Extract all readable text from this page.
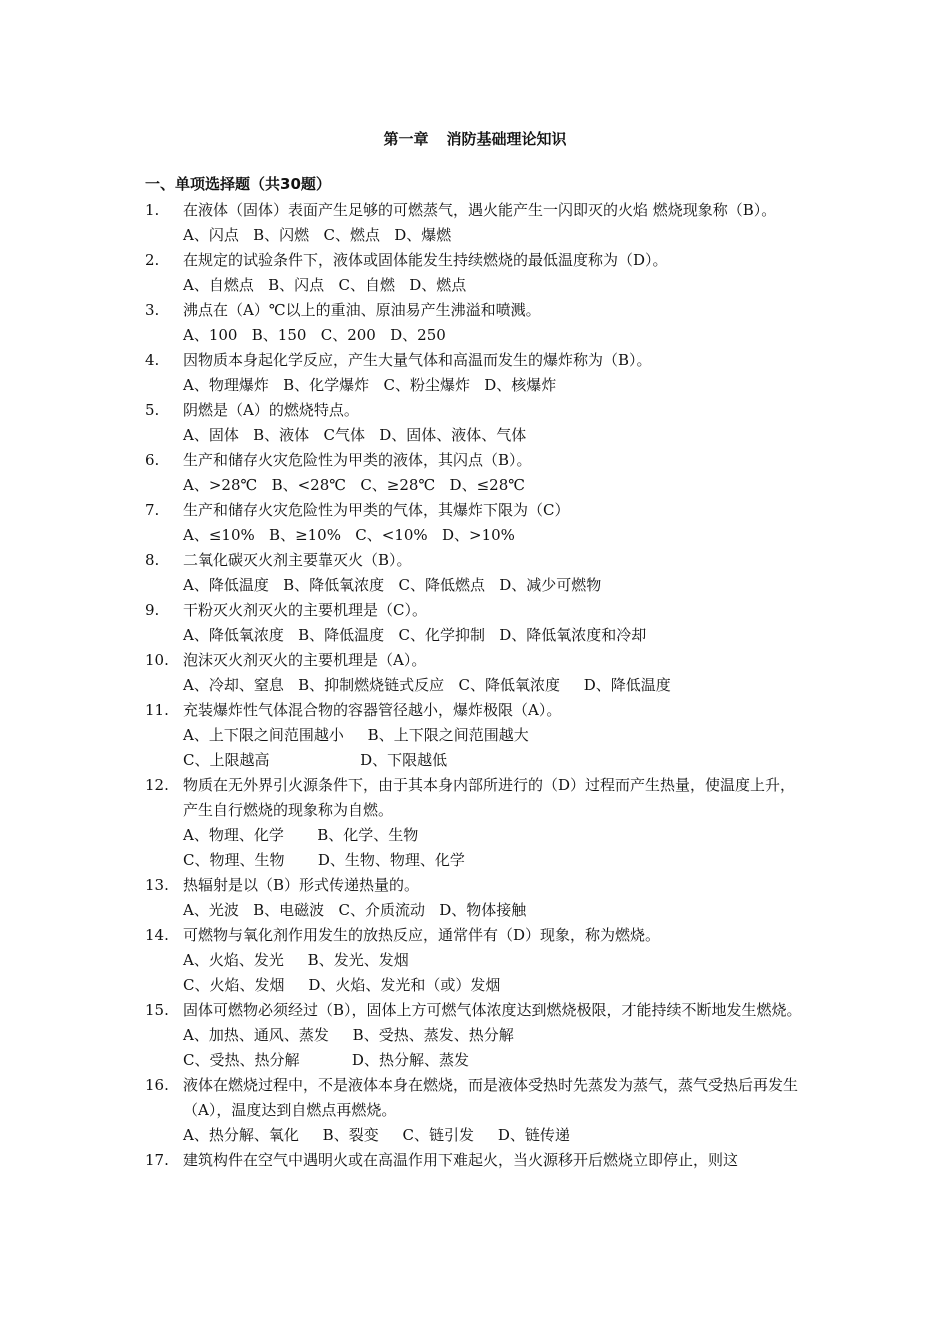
第一章 消防基础理论知识
一、单项选择题（共30题）
1.	在液体（固体）表面产生足够的可燃蒸气，遇火能产生一闪即灭的火焰 燃烧现象称（B）。
A、闪点   B、闪燃   C、燃点   D、爆燃
2.	在规定的试验条件下，液体或固体能发生持续燃烧的最低温度称为（D）。
A、自燃点   B、闪点   C、自燃   D、燃点
3.	沸点在（A）℃以上的重油、原油易产生沸溢和喷溅。
A、100   B、150   C、200   D、250
4.	因物质本身起化学反应，产生大量气体和高温而发生的爆炸称为（B）。
A、物理爆炸   B、化学爆炸   C、粉尘爆炸   D、核爆炸
5.	阴燃是（A）的燃烧特点。
A、固体   B、液体   C气体   D、固体、液体、气体
6.	生产和储存火灾危险性为甲类的液体，其闪点（B）。
A、>28℃   B、<28℃   C、≥28℃   D、≤28℃
7.	生产和储存火灾危险性为甲类的气体，其爆炸下限为（C）
A、≤10%   B、≥10%   C、<10%   D、>10%
8.	二氧化碳灭火剂主要靠灭火（B）。
A、降低温度   B、降低氧浓度   C、降低燃点   D、减少可燃物
9.	干粉灭火剂灭火的主要机理是（C）。
A、降低氧浓度   B、降低温度   C、化学抑制   D、降低氧浓度和冷却
10. 泡沫灭火剂灭火的主要机理是（A）。
A、冷却、窒息   B、抑制燃烧链式反应   C、降低氧浓度     D、降低温度
11. 充装爆炸性气体混合物的容器管径越小，爆炸极限（A）。
A、上下限之间范围越小     B、上下限之间范围越大
C、上限越高                   D、下限越低
12. 物质在无外界引火源条件下，由于其本身内部所进行的（D）过程而产生热量，使温度上升，产生自行燃烧的现象称为自燃。
A、物理、化学       B、化学、生物
C、物理、生物       D、生物、物理、化学
13. 热辐射是以（B）形式传递热量的。
A、光波   B、电磁波   C、介质流动   D、物体接触
14. 可燃物与氧化剂作用发生的放热反应，通常伴有（D）现象，称为燃烧。
A、火焰、发光     B、发光、发烟
C、火焰、发烟     D、火焰、发光和（或）发烟
15. 固体可燃物必须经过（B），固体上方可燃气体浓度达到燃烧极限，才能持续不断地发生燃烧。
A、加热、通风、蒸发     B、受热、蒸发、热分解
C、受热、热分解           D、热分解、蒸发
16. 液体在燃烧过程中，不是液体本身在燃烧，而是液体受热时先蒸发为蒸气，蒸气受热后再发生（A），温度达到自燃点再燃烧。
A、热分解、氧化     B、裂变     C、链引发     D、链传递
17. 建筑构件在空气中遇明火或在高温作用下难起火，当火源移开后燃烧立即停止，则这
